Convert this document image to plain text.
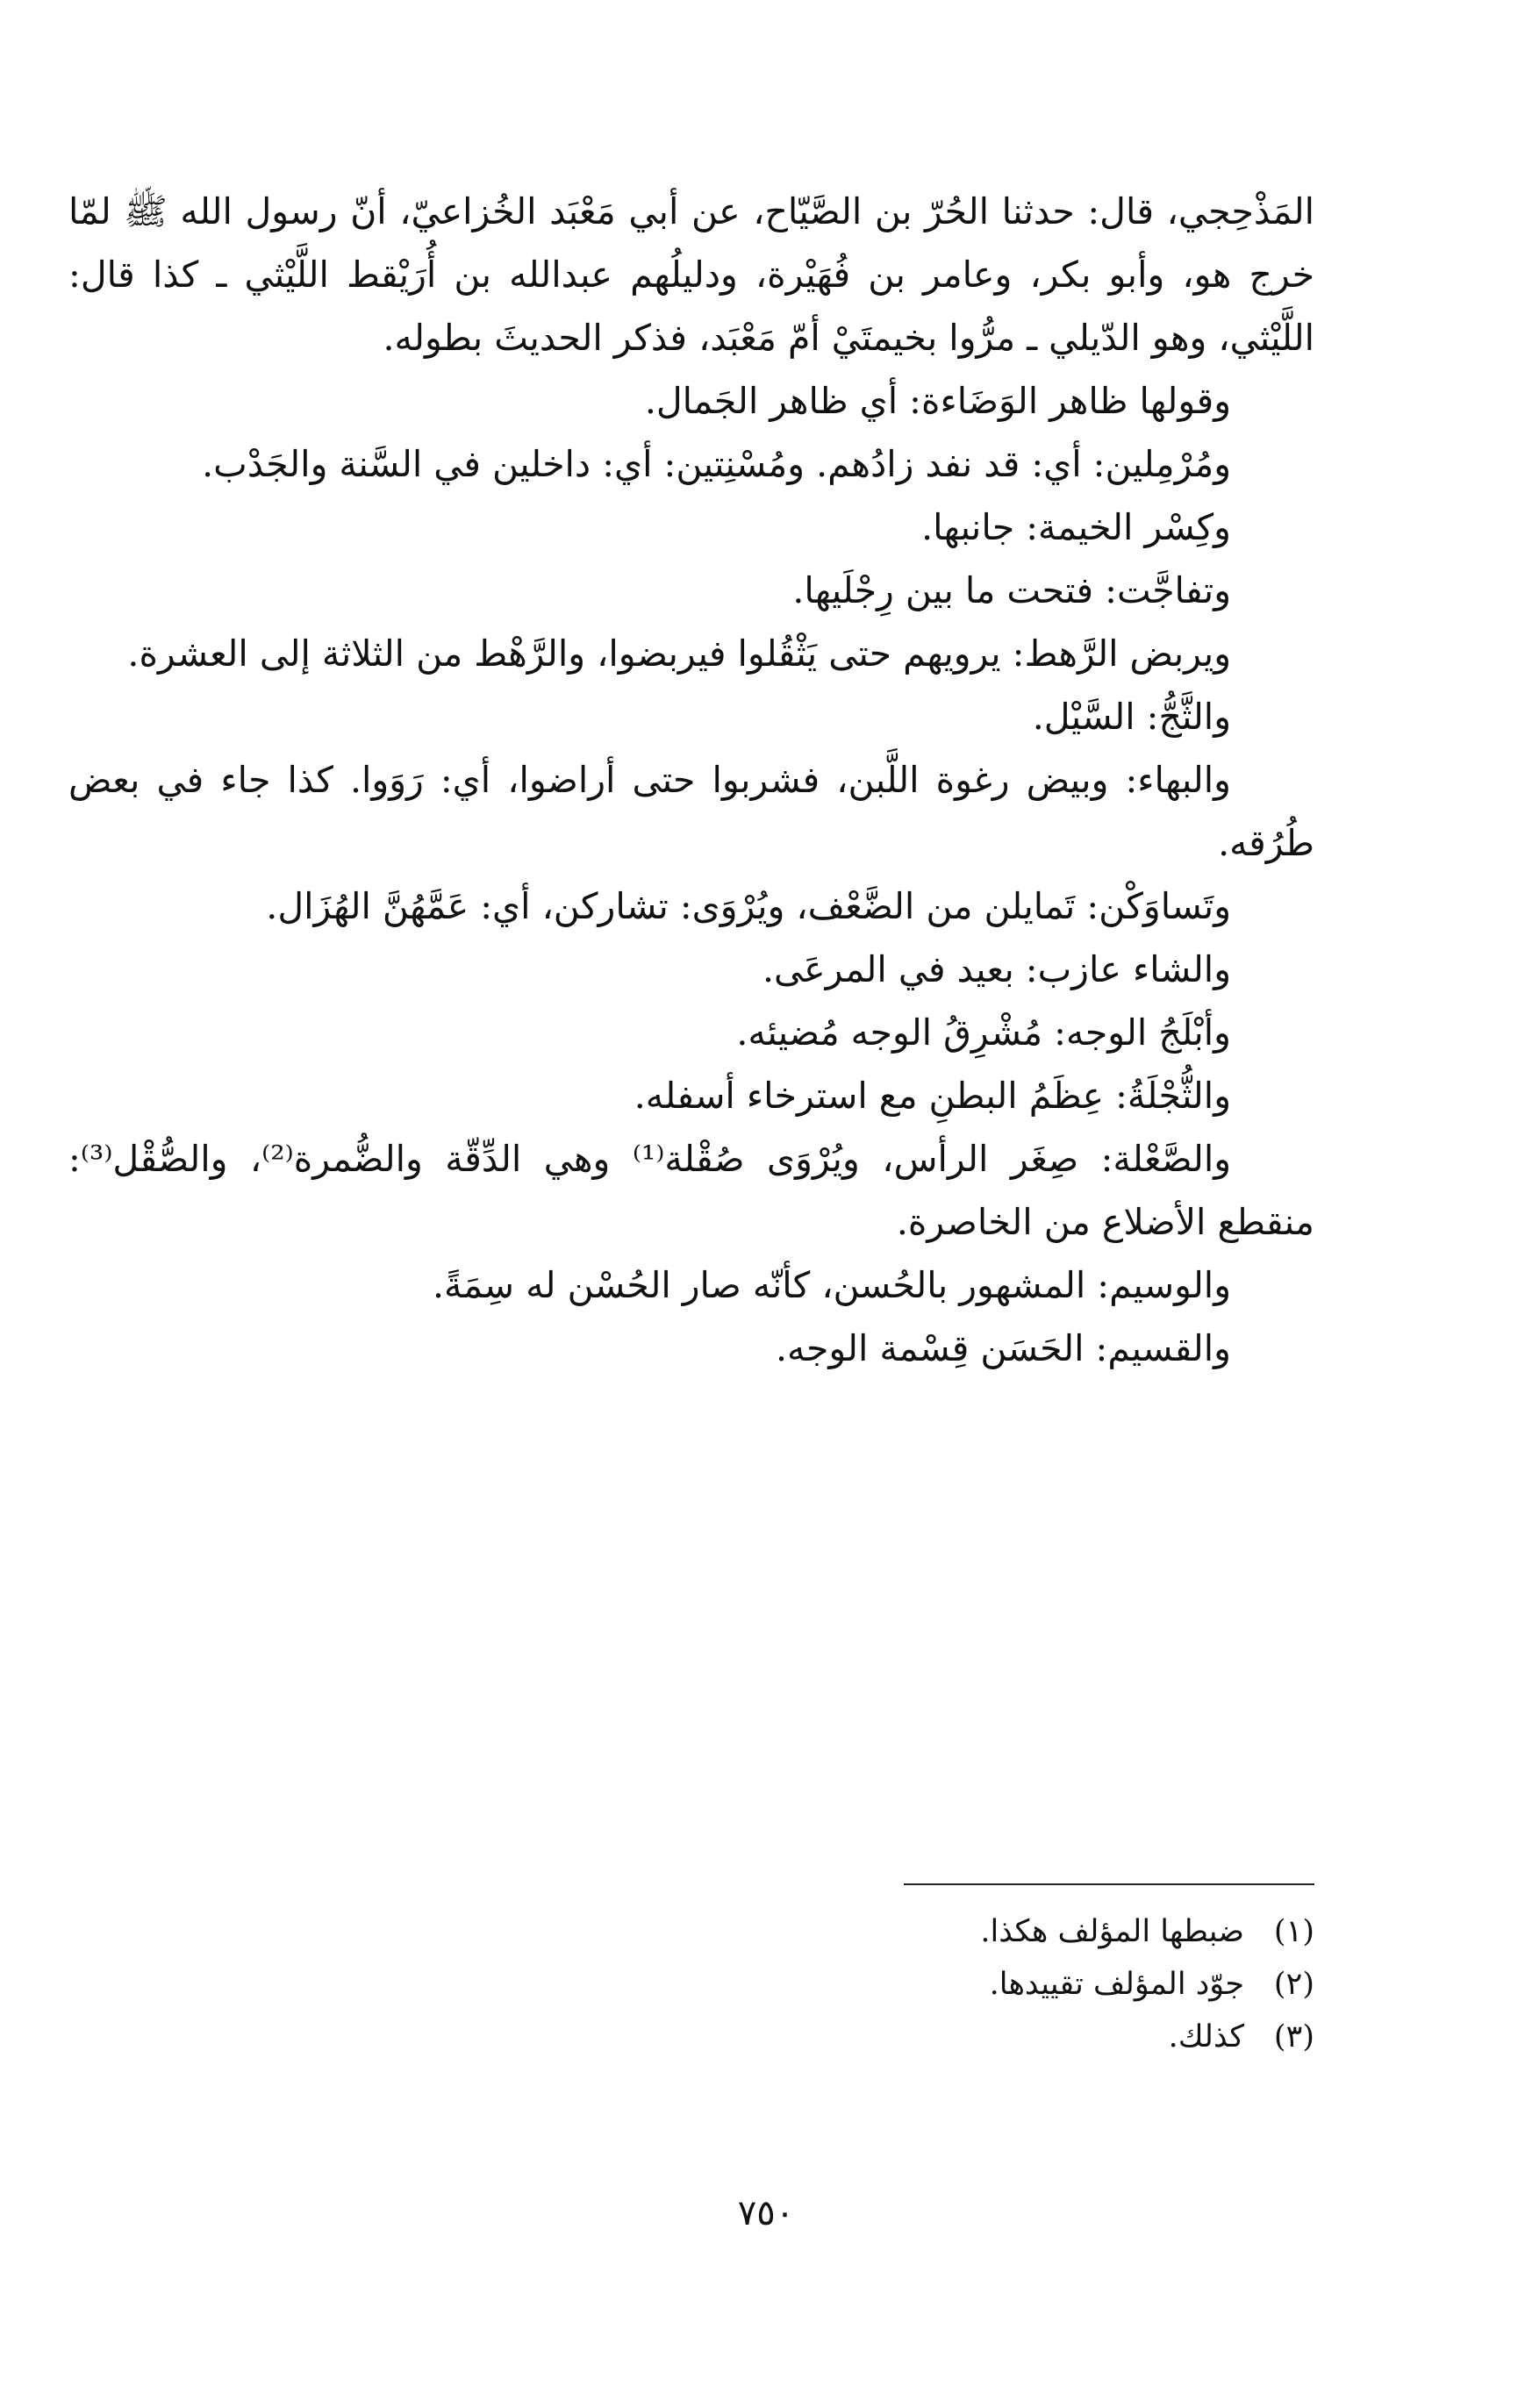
المَذْحِجي، قال: حدثنا الحُرّ بن الصَّيّاح، عن أبي مَعْبَد الخُزاعيّ، أنّ رسول الله ﷺ لمّا خرج هو، وأبو بكر، وعامر بن فُهَيْرة، ودليلُهم عبدالله بن أُرَيْقط اللَّيْثي ـ كذا قال: اللَّيْثي، وهو الدّيلي ـ مرُّوا بخيمتَيْ أمّ مَعْبَد، فذكر الحديثَ بطوله.

وقولها ظاهر الوَضَاءة: أي ظاهر الجَمال.

ومُرْمِلين: أي: قد نفد زادُهم. ومُسْنِتين: أي: داخلين في السَّنة والجَدْب.

وكِسْر الخيمة: جانبها.

وتفاجَّت: فتحت ما بين رِجْلَيها.

ويربض الرَّهط: يرويهم حتى يَثْقُلوا فيربضوا، والرَّهْط من الثلاثة إلى العشرة.

والثَّجُّ: السَّيْل.

والبهاء: وبيض رغوة اللَّبن، فشربوا حتى أراضوا، أي: رَوَوا. كذا جاء في بعض طُرُقه.

وتَساوَكْن: تَمايلن من الضَّعْف، ويُرْوَى: تشاركن، أي: عَمَّهُنَّ الهُزَال.

والشاء عازب: بعيد في المرعَى.

وأبْلَجُ الوجه: مُشْرِقُ الوجه مُضيئه.

والثُّجْلَةُ: عِظَمُ البطنِ مع استرخاء أسفله.

والصَّعْلة: صِغَر الرأس، ويُرْوَى صُقْلة⁽¹⁾ وهي الدِّقّة والضُّمرة⁽²⁾، والصُّقْل⁽³⁾: منقطع الأضلاع من الخاصرة.

والوسيم: المشهور بالحُسن، كأنّه صار الحُسْن له سِمَةً.

والقسيم: الحَسَن قِسْمة الوجه.

(١)
ضبطها المؤلف هكذا.
(٢)
جوّد المؤلف تقييدها.
(٣)
كذلك.
٧٥٠
